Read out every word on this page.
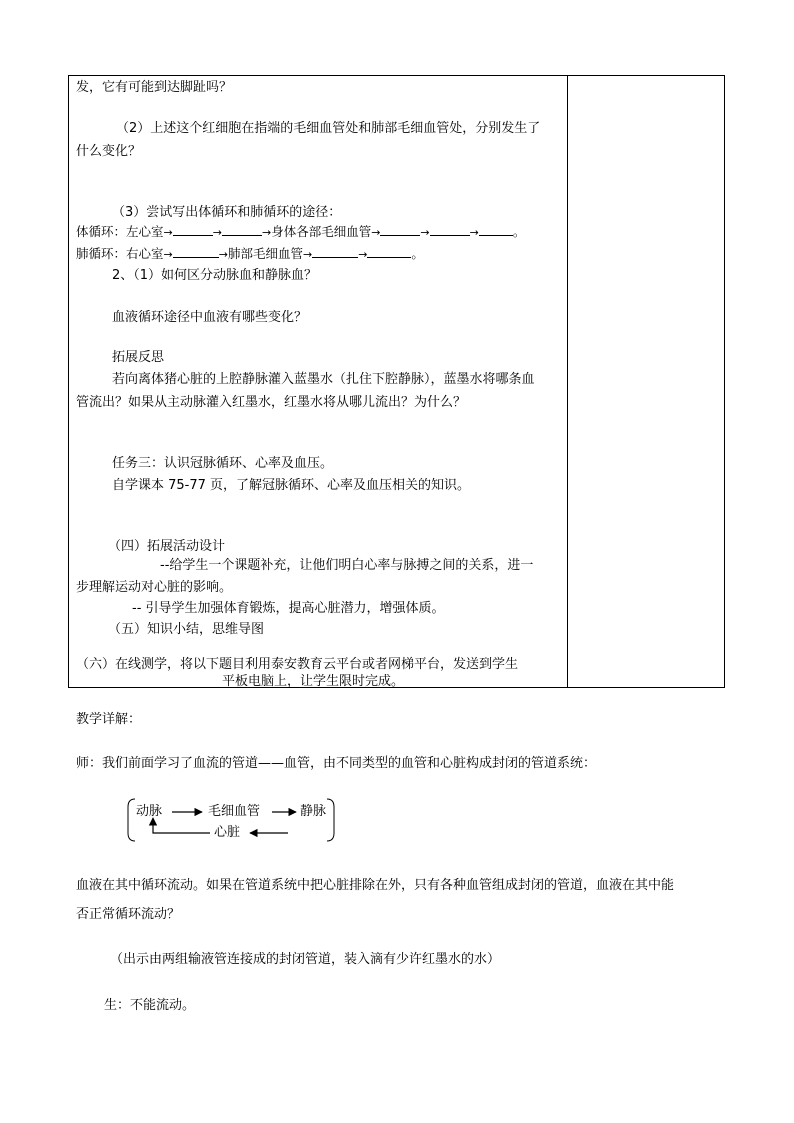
发，它有可能到达脚趾吗？
（2）上述这个红细胞在指端的毛细血管处和肺部毛细血管处，分别发生了
什么变化？
（3）尝试写出体循环和肺循环的途径：
体循环：左心室→	→	→身体各部毛细血管→	→	→	。
肺循环：右心室→	→肺部毛细血管→	→	。
2、（1）如何区分动脉血和静脉血？
血液循环途径中血液有哪些变化？
拓展反思
若向离体猪心脏的上腔静脉灌入蓝墨水（扎住下腔静脉），蓝墨水将哪条血
管流出？如果从主动脉灌入红墨水，红墨水将从哪儿流出？为什么？
任务三：认识冠脉循环、心率及血压。
自学课本 75-77 页，了解冠脉循环、心率及血压相关的知识。
（四）拓展活动设计
--给学生一个课题补充，让他们明白心率与脉搏之间的关系，进一
步理解运动对心脏的影响。
-- 引导学生加强体育锻炼，提高心脏潜力，增强体质。
（五）知识小结，思维导图
（六）在线测学，将以下题目利用泰安教育云平台或者网梯平台，发送到学生
平板电脑上，让学生限时完成。
教学详解：
师：我们前面学习了血流的管道——血管，由不同类型的血管和心脏构成封闭的管道系统：
动脉	毛细血管	静脉
心脏
血液在其中循环流动。如果在管道系统中把心脏排除在外，只有各种血管组成封闭的管道，血液在其中能
否正常循环流动？
（出示由两组输液管连接成的封闭管道，装入滴有少许红墨水的水）
生：不能流动。
